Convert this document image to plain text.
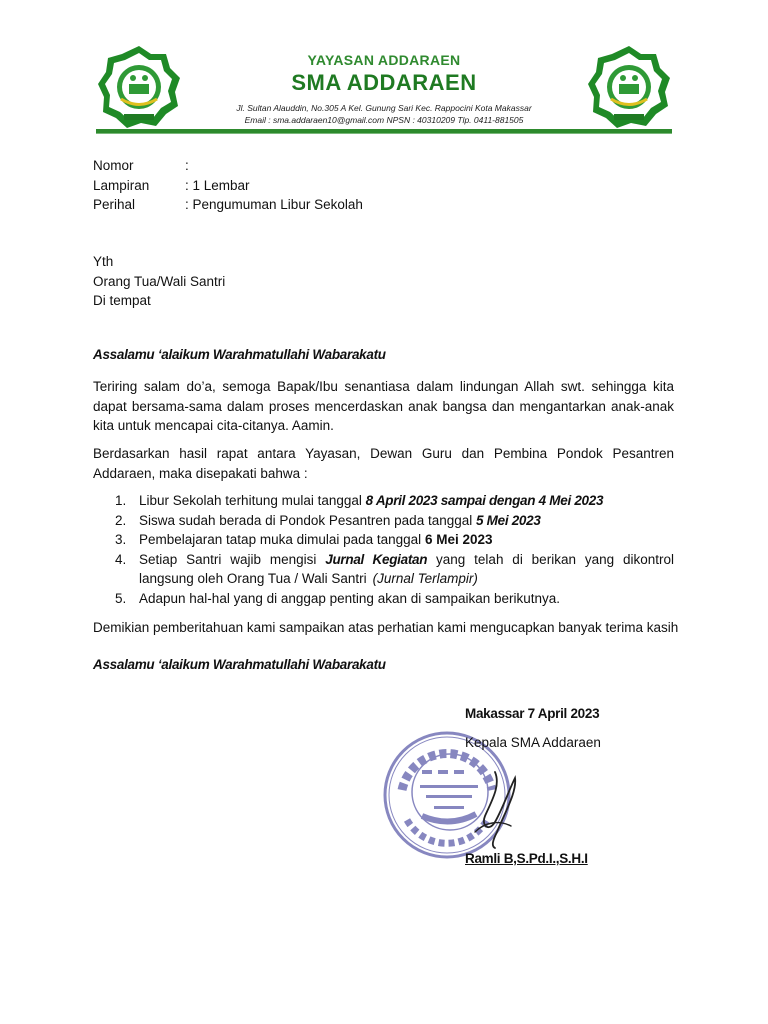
YAYASAN ADDARAEN
SMA ADDARAEN
Jl. Sultan Alauddin, No.305 A Kel. Gunung Sari Kec. Rappocini Kota Makassar
Email : sma.addaraen10@gmail.com NPSN : 40310209 Tlp. 0411-881505
Nomor	:
Lampiran	: 1 Lembar
Perihal	: Pengumuman Libur Sekolah
Yth
Orang Tua/Wali Santri
Di tempat
Assalamu ‘alaikum Warahmatullahi Wabarakatu
Teriring salam do’a, semoga Bapak/Ibu senantiasa dalam lindungan Allah swt. sehingga kita dapat bersama-sama dalam proses mencerdaskan anak bangsa dan mengantarkan anak-anak kita untuk mencapai cita-citanya. Aamin.
Berdasarkan hasil rapat antara Yayasan, Dewan Guru dan Pembina Pondok Pesantren Addaraen, maka disepakati bahwa :
1. Libur Sekolah terhitung mulai tanggal 8 April 2023 sampai dengan 4 Mei 2023
2. Siswa sudah berada di Pondok Pesantren pada tanggal 5 Mei 2023
3. Pembelajaran tatap muka dimulai pada tanggal 6 Mei 2023
4. Setiap Santri wajib mengisi Jurnal Kegiatan yang telah di berikan yang dikontrol langsung oleh Orang Tua / Wali Santri (Jurnal Terlampir)
5. Adapun hal-hal yang di anggap penting akan di sampaikan berikutnya.
Demikian pemberitahuan kami sampaikan atas perhatian kami mengucapkan banyak terima kasih
Assalamu ‘alaikum Warahmatullahi Wabarakatu
Makassar 7 April 2023
Kepala SMA Addaraen
Ramli B,S.Pd.I.,S.H.I
